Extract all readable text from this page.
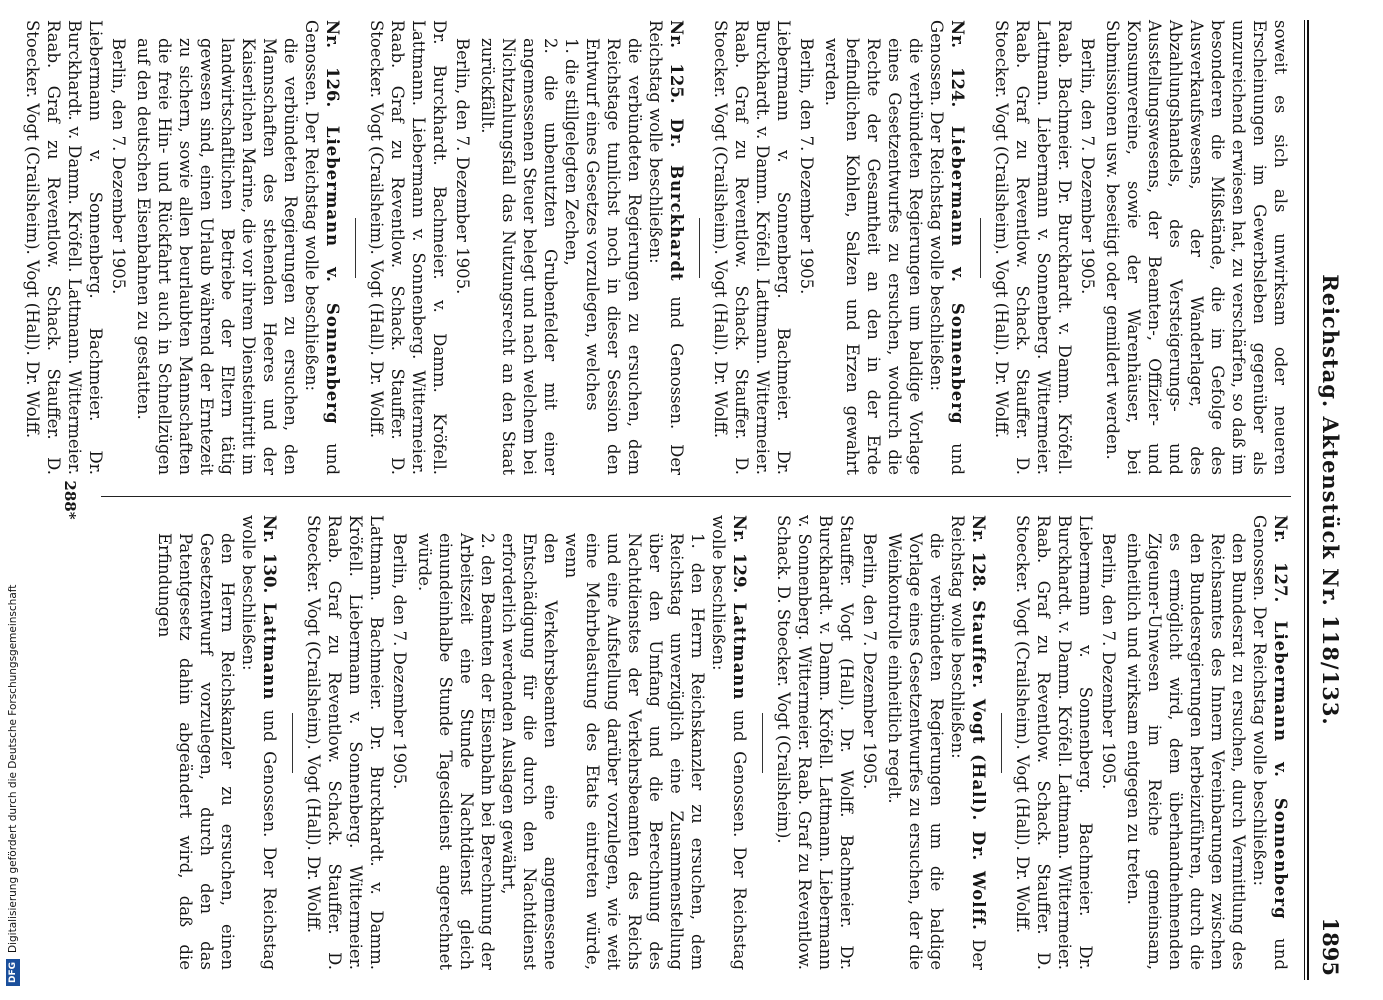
Reichstag. Aktenstück Nr. 118/133.
1895

soweit es sich als unwirksam oder neueren Erscheinungen im Gewerbsleben gegenüber als unzureichend erwiesen hat, zu verschärfen, so daß im besonderen die Mißstände, die im Gefolge des Ausverkaufswesens, der Wanderlager, des Abzahlungshandels, des Versteigerungs- und Ausstellungswesens, der Beamten-, Offizier- und Konsumvereine, sowie der Warenhäuser, bei Submissionen usw. beseitigt oder gemildert werden.

Berlin, den 7. Dezember 1905.

Raab. Bachmeier. Dr. Burckhardt. v. Damm. Kröfell. Lattmann. Liebermann v. Sonnenberg. Wittermeier. Raab. Graf zu Reventlow. Schack. Stauffer. D. Stoecker. Vogt (Crailsheim). Vogt (Hall). Dr. Wolff.

Nr. 124. Liebermann v. Sonnenberg und Genossen. Der Reichstag wolle beschließen:

die verbündeten Regierungen um baldige Vorlage eines Gesetzentwurfes zu ersuchen, wodurch die Rechte der Gesamtheit an den in der Erde befindlichen Kohlen, Salzen und Erzen gewahrt werden.

Berlin, den 7. Dezember 1905.

Liebermann v. Sonnenberg. Bachmeier. Dr. Burckhardt. v. Damm. Kröfell. Lattmann. Wittermeier. Raab. Graf zu Reventlow. Schack. Stauffer. D. Stoecker. Vogt (Crailsheim). Vogt (Hall). Dr. Wolff.

Nr. 125. Dr. Burckhardt und Genossen. Der Reichstag wolle beschließen:

die verbündeten Regierungen zu ersuchen, dem Reichstage tunlichst noch in dieser Session den Entwurf eines Gesetzes vorzulegen, welches

1. die stillgelegten Zechen,

2. die unbenutzten Grubenfelder mit einer angemessenen Steuer belegt und nach welchem bei Nichtzahlungsfall das Nutzungsrecht an den Staat zurückfällt.

Berlin, den 7. Dezember 1905.

Dr. Burckhardt. Bachmeier. v. Damm. Kröfell. Lattmann. Liebermann v. Sonnenberg. Wittermeier. Raab. Graf zu Reventlow. Schack. Stauffer. D. Stoecker. Vogt (Crailsheim). Vogt (Hall). Dr. Wolff.

Nr. 126. Liebermann v. Sonnenberg und Genossen. Der Reichstag wolle beschließen:

die verbündeten Regierungen zu ersuchen, den Mannschaften des stehenden Heeres und der Kaiserlichen Marine, die vor ihrem Diensteintritt im landwirtschaftlichen Betriebe der Eltern tätig gewesen sind, einen Urlaub während der Erntezeit zu sichern, sowie allen beurlaubten Mannschaften die freie Hin- und Rückfahrt auch in Schnellzügen auf den deutschen Eisenbahnen zu gestatten.

Berlin, den 7. Dezember 1905.

Liebermann v. Sonnenberg. Bachmeier. Dr. Burckhardt. v. Damm. Kröfell. Lattmann. Wittermeier. Raab. Graf zu Reventlow. Schack. Stauffer. D. Stoecker. Vogt (Crailsheim). Vogt (Hall). Dr. Wolff.

Nr. 127. Liebermann v. Sonnenberg und Genossen. Der Reichstag wolle beschließen:

den Bundesrat zu ersuchen, durch Vermittlung des Reichsamtes des Innern Vereinbarungen zwischen den Bundesregierungen herbeizuführen, durch die es ermöglicht wird, dem überhandnehmenden Zigeuner-Unwesen im Reiche gemeinsam, einheitlich und wirksam entgegen zu treten.

Berlin, den 7. Dezember 1905.

Liebermann v. Sonnenberg. Bachmeier. Dr. Burckhardt. v. Damm. Kröfell. Lattmann. Wittermeier. Raab. Graf zu Reventlow. Schack. Stauffer. D. Stoecker. Vogt (Crailsheim). Vogt (Hall). Dr. Wolff.

Nr. 128. Stauffer. Vogt (Hall). Dr. Wolff. Der Reichstag wolle beschließen:

die verbündeten Regierungen um die baldige Vorlage eines Gesetzentwurfes zu ersuchen, der die Weinkontrolle einheitlich regelt.

Berlin, den 7. Dezember 1905.

Stauffer. Vogt (Hall). Dr. Wolff. Bachmeier. Dr. Burckhardt. v. Damm. Kröfell. Lattmann. Liebermann v. Sonnenberg. Wittermeier. Raab. Graf zu Reventlow. Schack. D. Stoecker. Vogt (Crailsheim).

Nr. 129. Lattmann und Genossen. Der Reichstag wolle beschließen:

1. den Herrn Reichskanzler zu ersuchen, dem Reichstag unverzüglich eine Zusammenstellung über den Umfang und die Berechnung des Nachtdienstes der Verkehrsbeamten des Reichs und eine Aufstellung darüber vorzulegen, wie weit eine Mehrbelastung des Etats eintreten würde, wenn

den Verkehrsbeamten eine angemessene Entschädigung für die durch den Nachtdienst erforderlich werdenden Auslagen gewährt,

2. den Beamten der Eisenbahn bei Berechnung der Arbeitszeit eine Stunde Nachtdienst gleich einundeinhalbe Stunde Tagesdienst angerechnet würde.

Berlin, den 7. Dezember 1905.

Lattmann. Bachmeier. Dr. Burckhardt. v. Damm. Kröfell. Liebermann v. Sonnenberg. Wittermeier. Raab. Graf zu Reventlow. Schack. Stauffer. D. Stoecker. Vogt (Crailsheim). Vogt (Hall). Dr. Wolff.

Nr. 130. Lattmann und Genossen. Der Reichstag wolle beschließen:

den Herrn Reichskanzler zu ersuchen, einen Gesetzentwurf vorzulegen, durch den das Patentgesetz dahin abgeändert wird, daß die Erfindungen

288*
DFG
Digitalisierung gefördert durch die Deutsche Forschungsgemeinschaft
